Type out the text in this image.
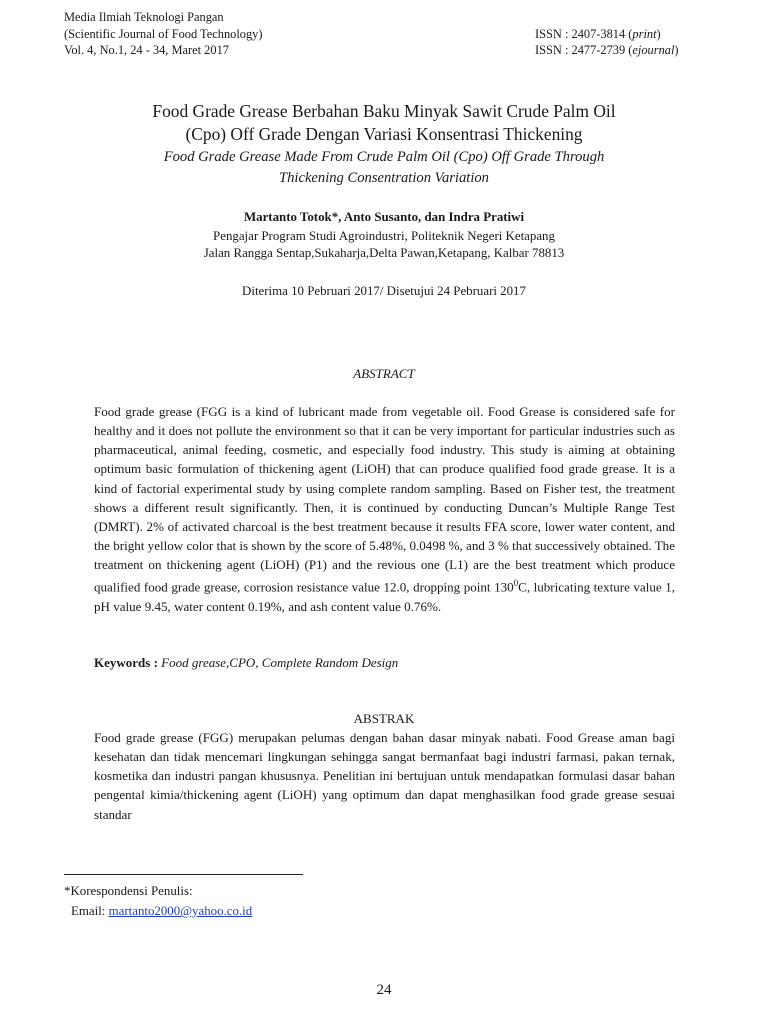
Media Ilmiah Teknologi Pangan
(Scientific Journal of Food Technology)
Vol. 4, No.1, 24 - 34, Maret 2017
ISSN : 2407-3814 (print)
ISSN : 2477-2739 (ejournal)
Food Grade Grease Berbahan Baku Minyak Sawit Crude Palm Oil
(Cpo) Off Grade Dengan Variasi Konsentrasi Thickening
Food Grade Grease Made From Crude Palm Oil (Cpo) Off Grade Through
Thickening Consentration Variation
Martanto Totok*, Anto Susanto, dan Indra Pratiwi
Pengajar Program Studi Agroindustri, Politeknik Negeri Ketapang
Jalan Rangga Sentap,Sukaharja,Delta Pawan,Ketapang, Kalbar 78813
Diterima 10 Pebruari 2017/ Disetujui 24 Pebruari 2017
ABSTRACT

Food grade grease (FGG is a kind of lubricant made from vegetable oil. Food Grease is considered safe for healthy and it does not pollute the environment so that it can be very important for particular industries such as pharmaceutical, animal feeding, cosmetic, and especially food industry. This study is aiming at obtaining optimum basic formulation of thickening agent (LiOH) that can produce qualified food grade grease. It is a kind of factorial experimental study by using complete random sampling. Based on Fisher test, the treatment shows a different result significantly. Then, it is continued by conducting Duncan’s Multiple Range Test (DMRT). 2% of activated charcoal is the best treatment because it results FFA score, lower water content, and the bright yellow color that is shown by the score of 5.48%, 0.0498 %, and 3 % that successively obtained. The treatment on thickening agent (LiOH) (P1) and the revious one (L1) are the best treatment which produce qualified food grade grease, corrosion resistance value 12.0, dropping point $130^0C$, lubricating texture value 1, pH value 9.45, water content 0.19%, and ash content value 0.76%.

Keywords : Food grease,CPO, Complete Random Design
ABSTRAK

Food grade grease (FGG) merupakan pelumas dengan bahan dasar minyak nabati. Food Grease aman bagi kesehatan dan tidak mencemari lingkungan sehingga sangat bermanfaat bagi industri farmasi, pakan ternak, kosmetika dan industri pangan khususnya. Penelitian ini bertujuan untuk mendapatkan formulasi dasar bahan pengental kimia/thickening agent (LiOH) yang optimum dan dapat menghasilkan food grade grease sesuai standar

*Korespondensi Penulis:
Email: martanto2000@yahoo.co.id
24
